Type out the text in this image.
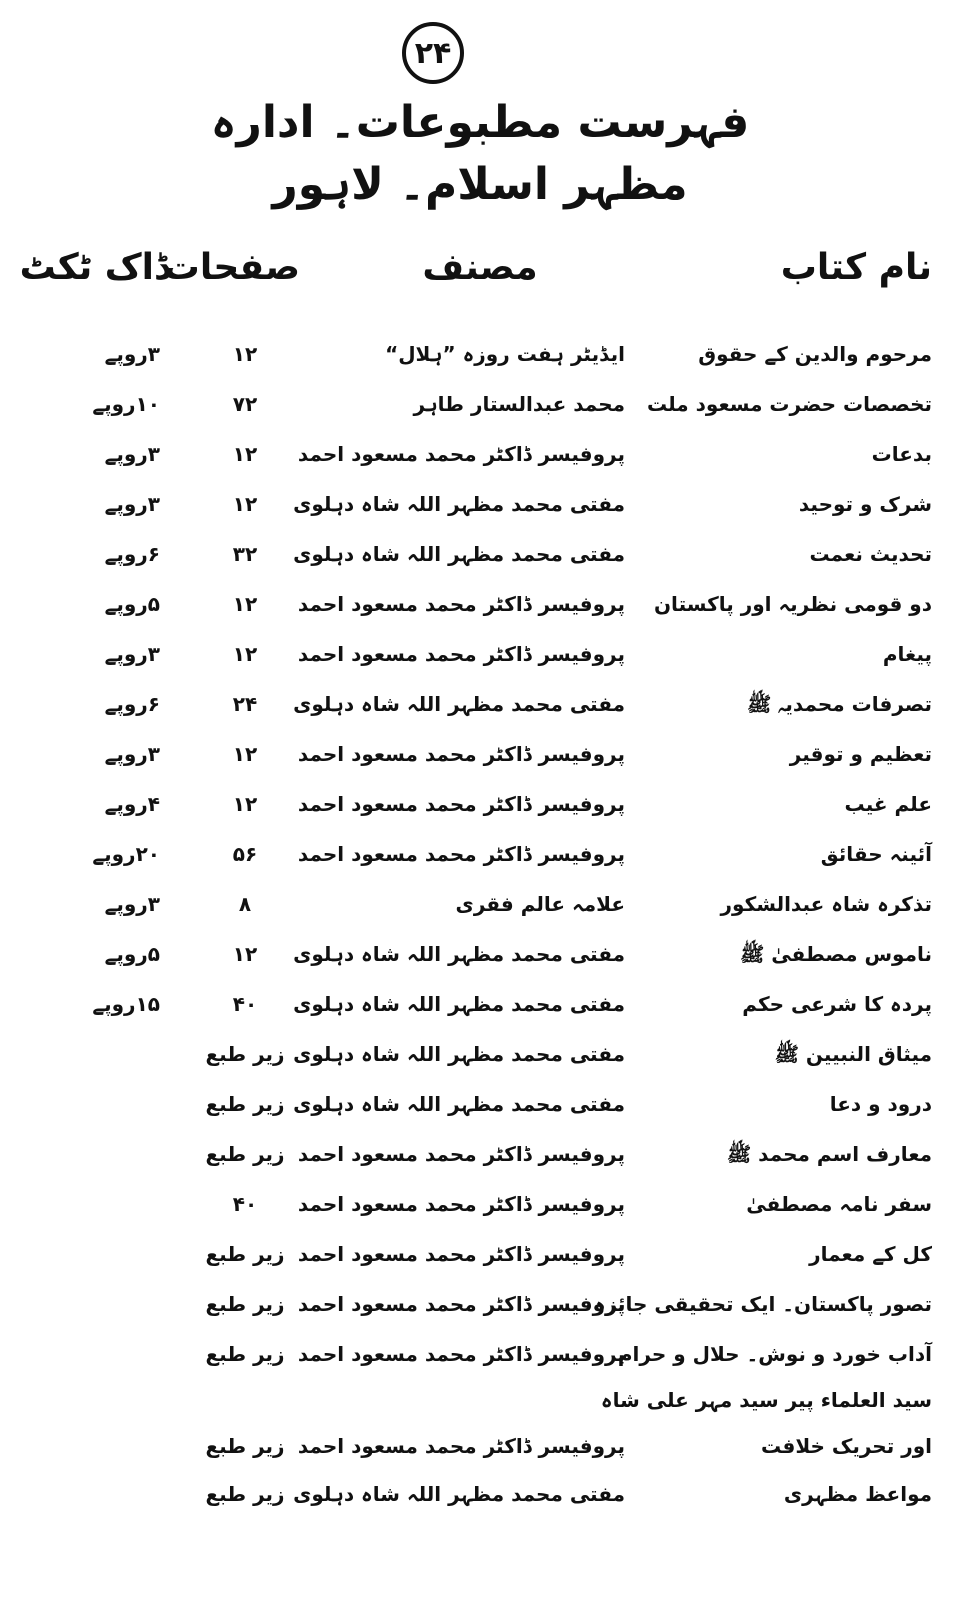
۲۴
فہرست مطبوعات۔ ادارہ مظہر اسلام۔ لاہور
نام کتاب
مصنف
صفحات
ڈاک ٹکٹ
مرحوم والدین کے حقوق
ایڈیٹر ہفت روزہ ”ہلال“
۱۲
۳روپے
تخصصات حضرت مسعود ملت
محمد عبدالستار طاہر
۷۲
۱۰روپے
بدعات
پروفیسر ڈاکٹر محمد مسعود احمد
۱۲
۳روپے
شرک و توحید
مفتی محمد مظہر اللہ شاہ دہلوی
۱۲
۳روپے
تحدیث نعمت
مفتی محمد مظہر اللہ شاہ دہلوی
۳۲
۶روپے
دو قومی نظریہ اور پاکستان
پروفیسر ڈاکٹر محمد مسعود احمد
۱۲
۵روپے
پیغام
پروفیسر ڈاکٹر محمد مسعود احمد
۱۲
۳روپے
تصرفات محمدیہ ﷺ
مفتی محمد مظہر اللہ شاہ دہلوی
۲۴
۶روپے
تعظیم و توقیر
پروفیسر ڈاکٹر محمد مسعود احمد
۱۲
۳روپے
علم غیب
پروفیسر ڈاکٹر محمد مسعود احمد
۱۲
۴روپے
آئینہ حقائق
پروفیسر ڈاکٹر محمد مسعود احمد
۵۶
۲۰روپے
تذکرہ شاہ عبدالشکور
علامہ عالم فقری
۸
۳روپے
ناموس مصطفیٰ ﷺ
مفتی محمد مظہر اللہ شاہ دہلوی
۱۲
۵روپے
پردہ کا شرعی حکم
مفتی محمد مظہر اللہ شاہ دہلوی
۴۰
۱۵روپے
میثاق النبیین ﷺ
مفتی محمد مظہر اللہ شاہ دہلوی
زیر طبع
درود و دعا
مفتی محمد مظہر اللہ شاہ دہلوی
زیر طبع
معارف اسم محمد ﷺ
پروفیسر ڈاکٹر محمد مسعود احمد
زیر طبع
سفر نامہ مصطفیٰ
پروفیسر ڈاکٹر محمد مسعود احمد
۴۰
کل کے معمار
پروفیسر ڈاکٹر محمد مسعود احمد
زیر طبع
تصور پاکستان۔ ایک تحقیقی جائزہ
پروفیسر ڈاکٹر محمد مسعود احمد
زیر طبع
آداب خورد و نوش۔ حلال و حرام
پروفیسر ڈاکٹر محمد مسعود احمد
زیر طبع
سید العلماء پیر سید مہر علی شاہ
اور تحریک خلافت
پروفیسر ڈاکٹر محمد مسعود احمد
زیر طبع
مواعظ مظہری
مفتی محمد مظہر اللہ شاہ دہلوی
زیر طبع
